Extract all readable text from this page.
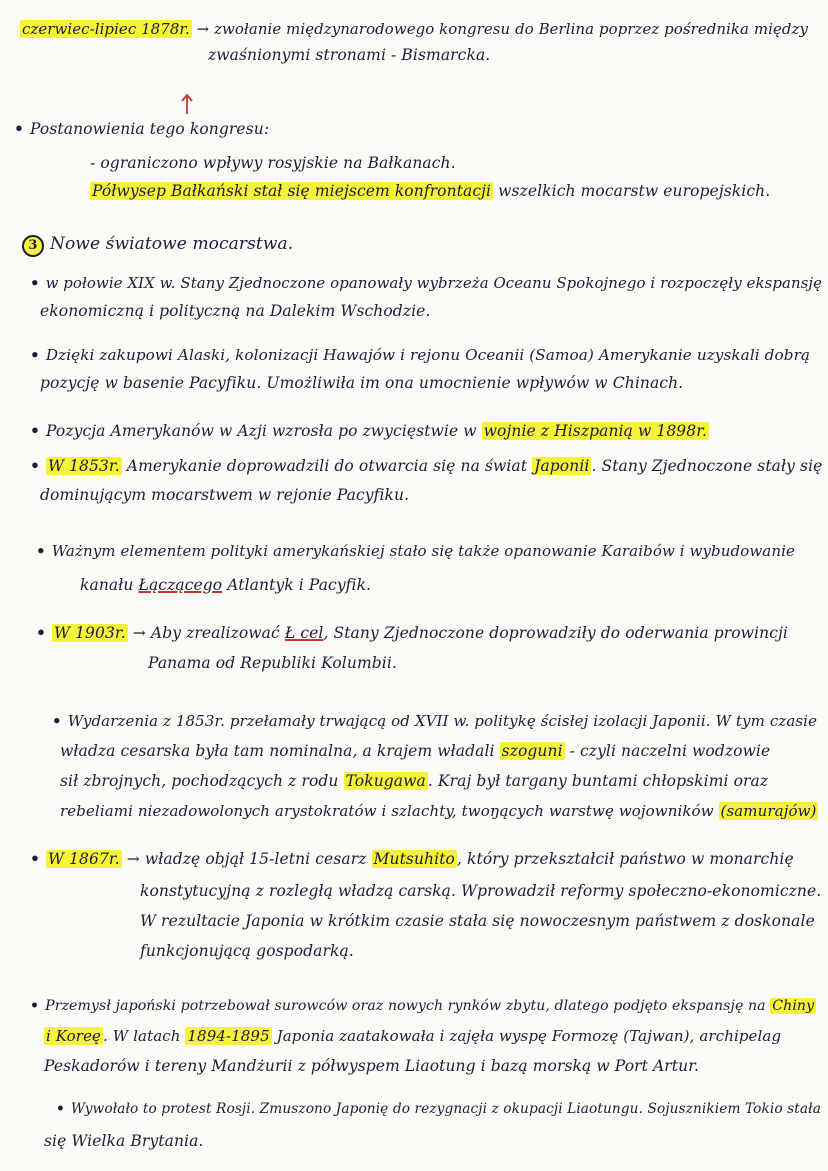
czerwiec-lipiec 1878r. → zwołanie międzynarodowego kongresu do Berlina poprzez pośrednika między
zwaśnionymi stronami - Bismarcka.
• Postanowienia tego kongresu:
- ograniczono wpływy rosyjskie na Bałkanach.
Półwysep Bałkański stał się miejscem konfrontacji wszelkich mocarstw europejskich.
3 Nowe światowe mocarstwa.
• w połowie XIX w. Stany Zjednoczone opanowały wybrzeża Oceanu Spokojnego i rozpoczęły ekspansję
ekonomiczną i polityczną na Dalekim Wschodzie.
• Dzięki zakupowi Alaski, kolonizacji Hawajów i rejonu Oceanii (Samoa) Amerykanie uzyskali dobrą
pozycję w basenie Pacyfiku. Umożliwiła im ona umocnienie wpływów w Chinach.
• Pozycja Amerykanów w Azji wzrosła po zwycięstwie w wojnie z Hiszpanią w 1898r.
• W 1853r. Amerykanie doprowadzili do otwarcia się na świat Japonii . Stany Zjednoczone stały się
dominującym mocarstwem w rejonie Pacyfiku.
• Ważnym elementem polityki amerykańskiej stało się także opanowanie Karaibów i wybudowanie
kanału Łączącego Atlantyk i Pacyfik.
• W 1903r. → Aby zrealizować Ł cel, Stany Zjednoczone doprowadziły do oderwania prowincji
Panama od Republiki Kolumbii.
• Wydarzenia z 1853r. przełamały trwającą od XVII w. politykę ścisłej izolacji Japonii. W tym czasie
władza cesarska była tam nominalna, a krajem władali szoguni - czyli naczelni wodzowie
sił zbrojnych, pochodzących z rodu Tokugawa . Kraj był targany buntami chłopskimi oraz
rebeliami niezadowolonych arystokratów i szlachty, twoŋących warstwę wojowników (samurajów)
• W 1867r. → władzę objął 15-letni cesarz Mutsuhito , który przekształcił państwo w monarchię
konstytucyjną z rozległą władzą carską. Wprowadził reformy społeczno-ekonomiczne.
W rezultacie Japonia w krótkim czasie stała się nowoczesnym państwem z doskonale
funkcjonującą gospodarką.
• Przemysł japoński potrzebował surowców oraz nowych rynków zbytu, dlatego podjęto ekspansję na Chiny
i Koreę . W latach 1894-1895 Japonia zaatakowała i zajęła wyspę Formozę (Tajwan), archipelag
Peskadorów i tereny Mandżurii z półwyspem Liaotung i bazą morską w Port Artur.
• Wywołało to protest Rosji. Zmuszono Japonię do rezygnacji z okupacji Liaotungu. Sojusznikiem Tokio stała
się Wielka Brytania.
